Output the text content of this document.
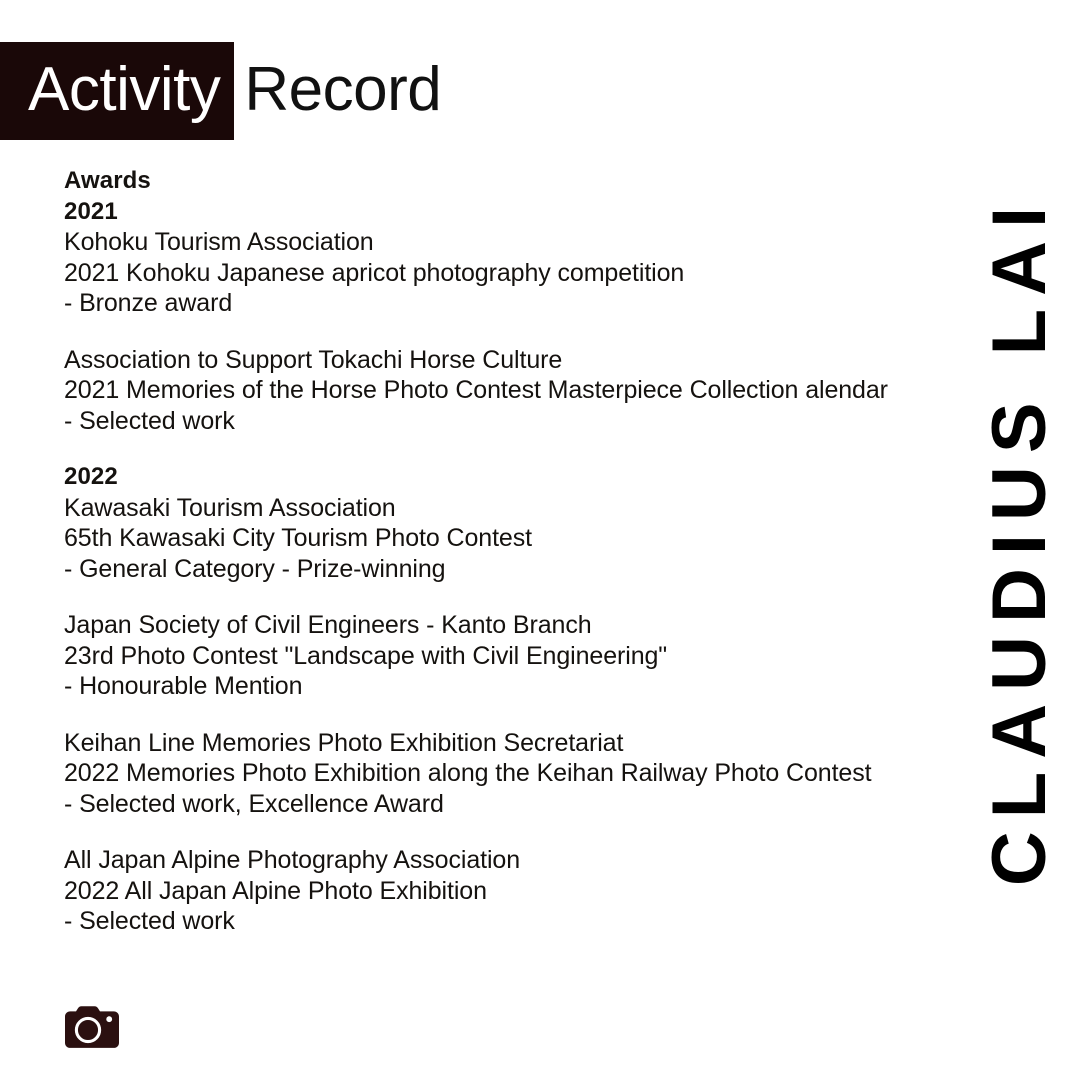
Activity Record
Awards
2021
Kohoku Tourism Association
2021 Kohoku Japanese apricot photography competition
- Bronze award
Association to Support Tokachi Horse Culture
2021 Memories of the Horse Photo Contest Masterpiece Collection alendar
- Selected work
2022
Kawasaki Tourism Association
65th Kawasaki City Tourism Photo Contest
- General Category - Prize-winning
Japan Society of Civil Engineers - Kanto Branch
23rd Photo Contest "Landscape with Civil Engineering"
- Honourable Mention
Keihan Line Memories Photo Exhibition Secretariat
2022 Memories Photo Exhibition along the Keihan Railway Photo Contest
- Selected work, Excellence Award
All Japan Alpine Photography Association
2022 All Japan Alpine Photo Exhibition
- Selected work
CLAUDIUS LAI
